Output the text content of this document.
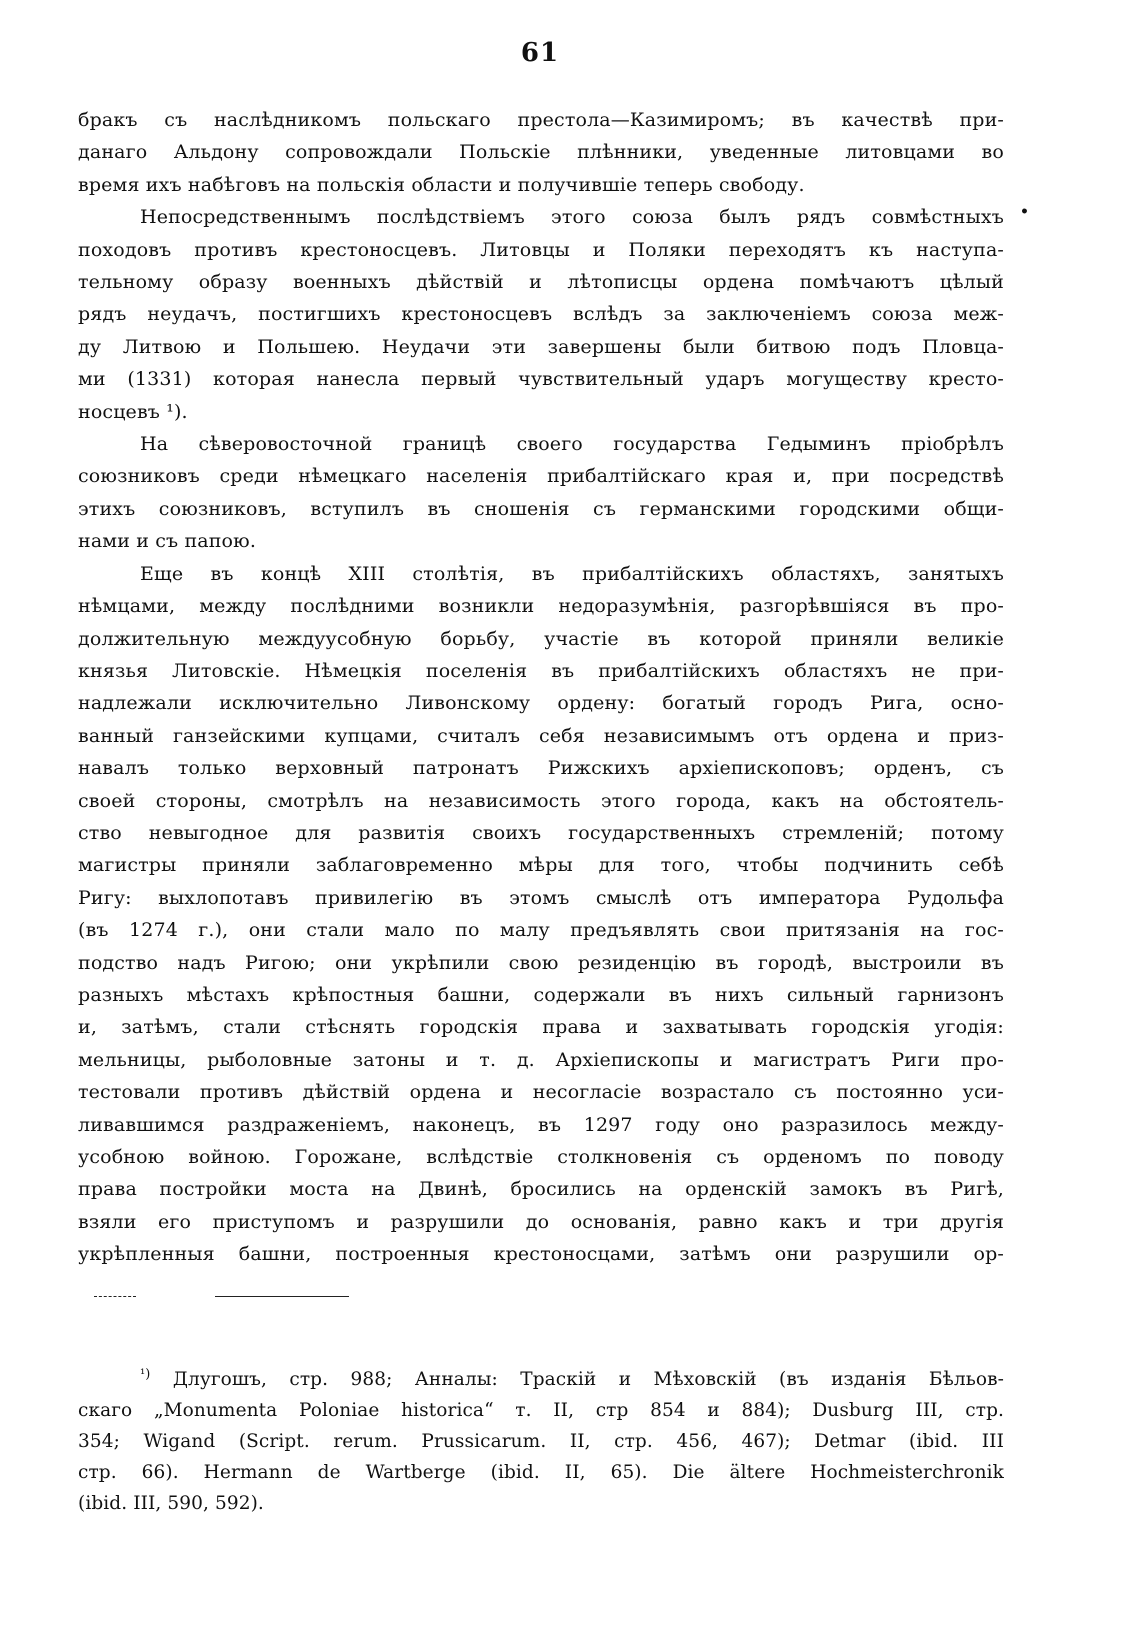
61
•

бракъ съ наслѣдникомъ польскаго престола—Казимиромъ; въ качествѣ при-
данаго Альдону сопровождали Польскіе плѣнники, уведенные литовцами во
время ихъ набѣговъ на польскія области и получившіе теперь свободу.

Непосредственнымъ послѣдствіемъ этого союза былъ рядъ совмѣстныхъ
походовъ противъ крестоносцевъ. Литовцы и Поляки переходятъ къ наступа-
тельному образу военныхъ дѣйствій и лѣтописцы ордена помѣчаютъ цѣлый
рядъ неудачъ, постигшихъ крестоносцевъ вслѣдъ за заключеніемъ союза меж-
ду Литвою и Польшею. Неудачи эти завершены были битвою подъ Пловца-
ми (1331) которая нанесла первый чувствительный ударъ могуществу кресто-
носцевъ ¹).

На сѣверовосточной границѣ своего государства Гедыминъ пріобрѣлъ
союзниковъ среди нѣмецкаго населенія прибалтійскаго края и, при посредствѣ
этихъ союзниковъ, вступилъ въ сношенія съ германскими городскими общи-
нами и съ папою.

Еще въ концѣ XIII столѣтія, въ прибалтійскихъ областяхъ, занятыхъ
нѣмцами, между послѣдними возникли недоразумѣнія, разгорѣвшіяся въ про-
должительную междуусобную борьбу, участіе въ которой приняли великіе
князья Литовскіе. Нѣмецкія поселенія въ прибалтійскихъ областяхъ не при-
надлежали исключительно Ливонскому ордену: богатый городъ Рига, осно-
ванный ганзейскими купцами, считалъ себя независимымъ отъ ордена и приз-
навалъ только верховный патронатъ Рижскихъ архіепископовъ; орденъ, съ
своей стороны, смотрѣлъ на независимость этого города, какъ на обстоятель-
ство невыгодное для развитія своихъ государственныхъ стремленій; потому
магистры приняли заблаговременно мѣры для того, чтобы подчинить себѣ
Ригу: выхлопотавъ привилегію въ этомъ смыслѣ отъ императора Рудольфа
(въ 1274 г.), они стали мало по малу предъявлять свои притязанія на гос-
подство надъ Ригою; они укрѣпили свою резиденцію въ городѣ, выстроили въ
разныхъ мѣстахъ крѣпостныя башни, содержали въ нихъ сильный гарнизонъ
и, затѣмъ, стали стѣснять городскія права и захватывать городскія угодія:
мельницы, рыболовные затоны и т. д. Архіепископы и магистратъ Риги про-
тестовали противъ дѣйствій ордена и несогласіе возрастало съ постоянно уси-
ливавшимся раздраженіемъ, наконецъ, въ 1297 году оно разразилось между-
усобною войною. Горожане, вслѣдствіе столкновенія съ орденомъ по поводу
права постройки моста на Двинѣ, бросились на орденскій замокъ въ Ригѣ,
взяли его приступомъ и разрушили до основанія, равно какъ и три другія
укрѣпленныя башни, построенныя крестоносцами, затѣмъ они разрушили ор-

$^{^1)}$ Длугошъ, стр. 988; Анналы: Траскій и Мѣховскій (въ изданія Бѣльов-
скаго „Monumenta Poloniae historica“ т. II, стр 854 и 884); Dusburg III, стр.
354; Wigand (Script. rerum. Prussicarum. II, стр. 456, 467); Detmar (ibid. III
стр. 66). Hermann de Wartberge (ibid. II, 65). Die ältere Hochmeisterchronik
(ibid. III, 590, 592).
